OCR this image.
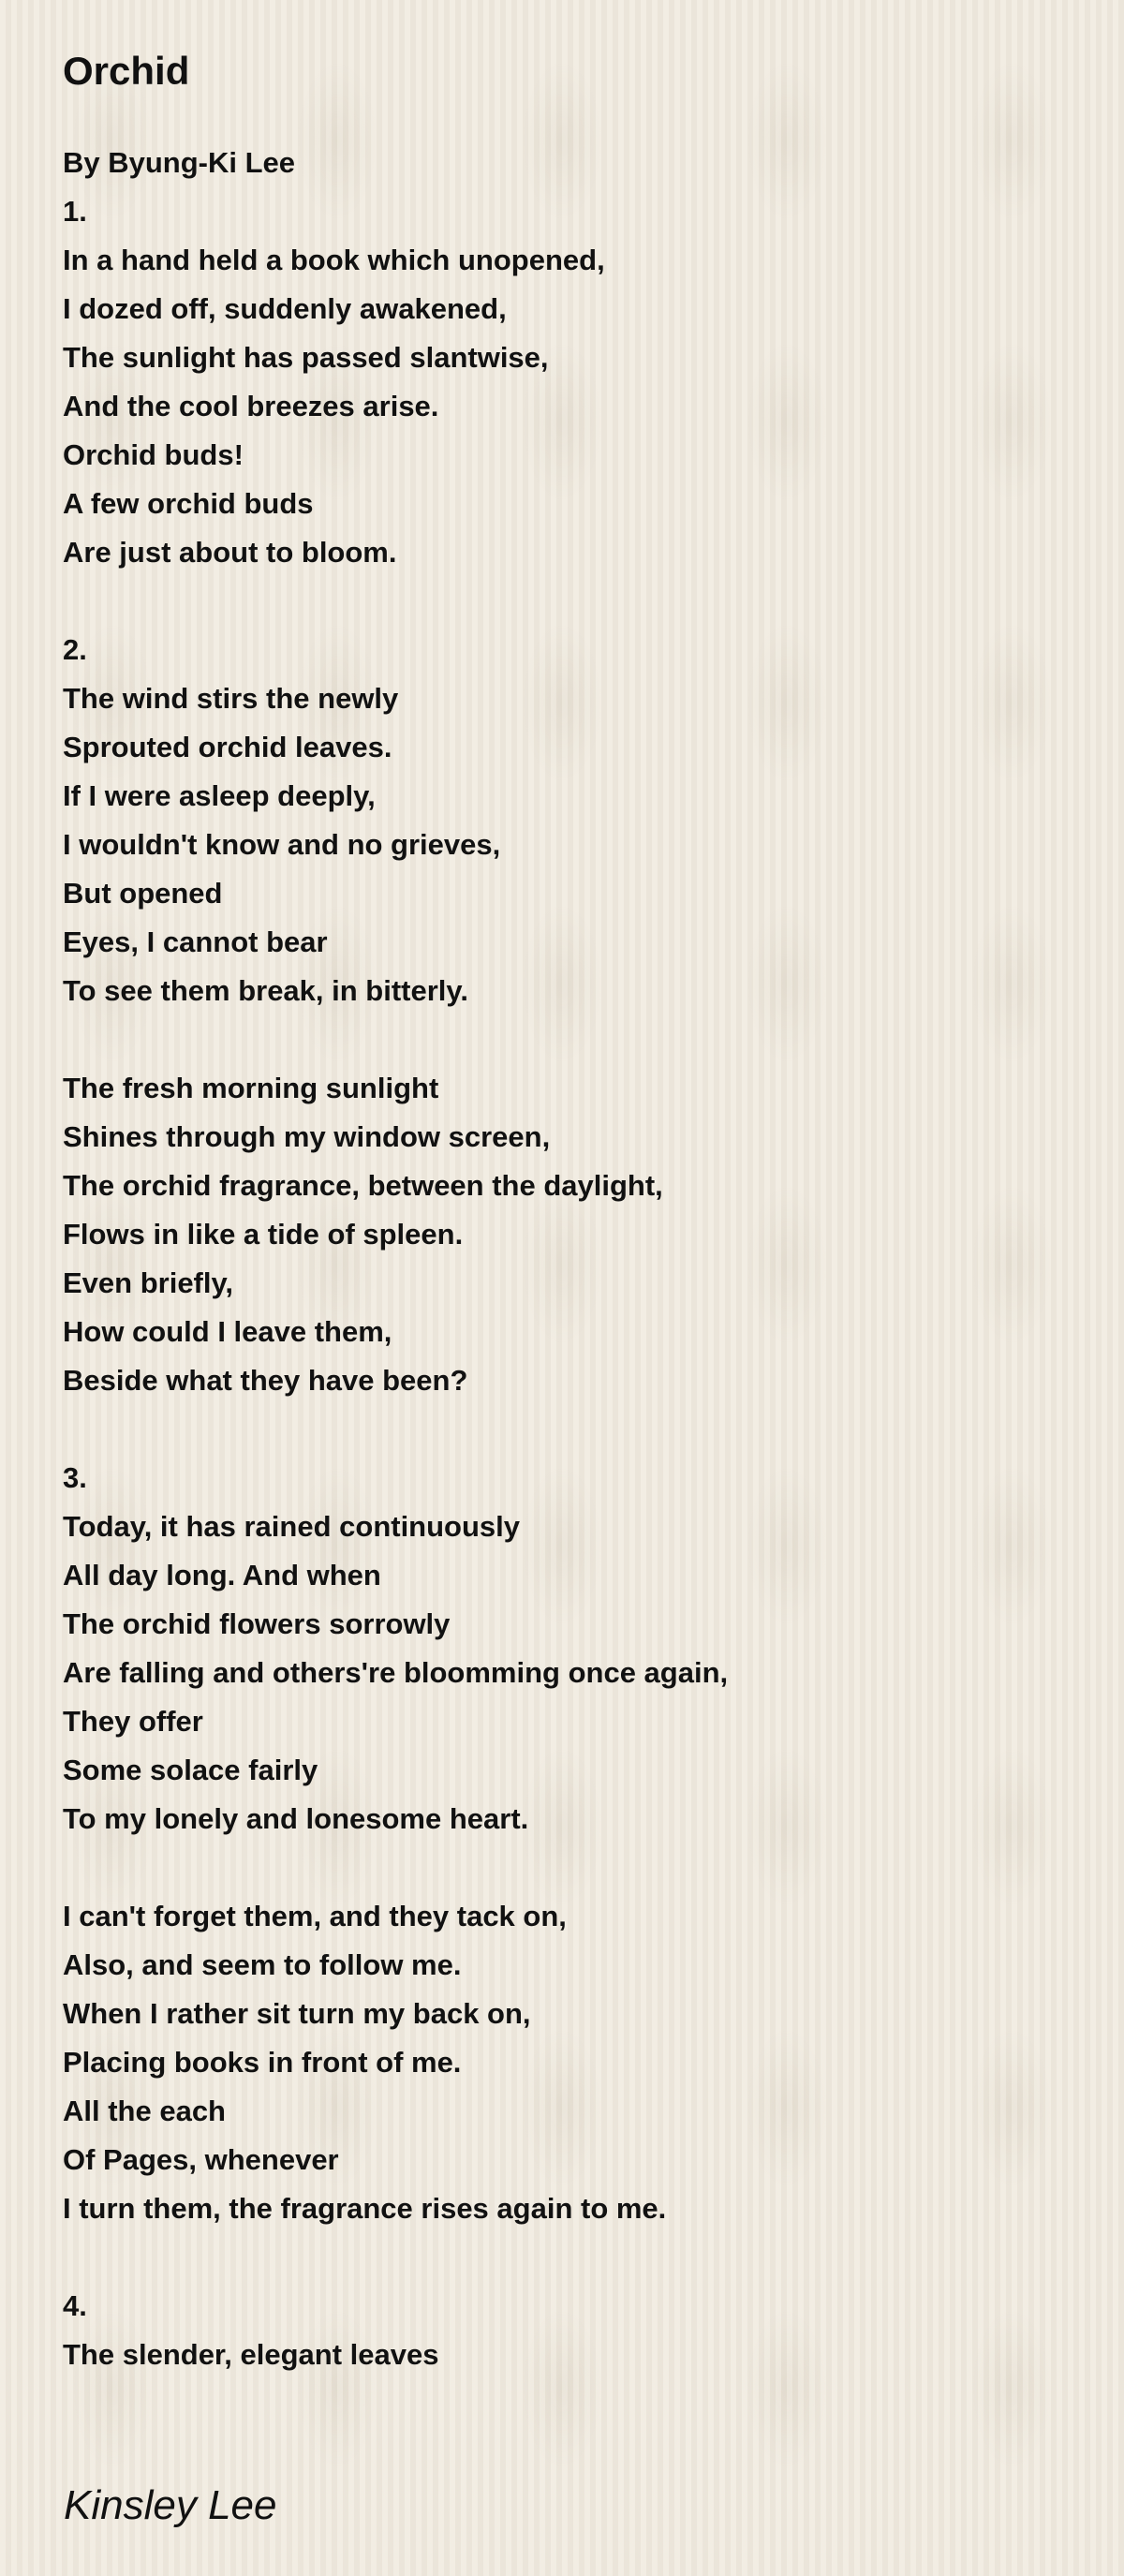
Orchid
By Byung-Ki Lee
1.
In a hand held a book which unopened,
I dozed off, suddenly awakened,
The sunlight has passed slantwise,
And the cool breezes arise.
Orchid buds!
A few orchid buds
Are just about to bloom.
2.
The wind stirs the newly
Sprouted orchid leaves.
If I were asleep deeply,
I wouldn't know and no grieves,
But opened
Eyes, I cannot bear
To see them break, in bitterly.
The fresh morning sunlight
Shines through my window screen,
The orchid fragrance, between the daylight,
Flows in like a tide of spleen.
Even briefly,
How could I leave them,
Beside what they have been?
3.
Today, it has rained continuously
All day long. And when
The orchid flowers sorrowly
Are falling and others're bloomming once again,
They offer
Some solace fairly
To my lonely and lonesome heart.
I can't forget them, and they tack on,
Also, and seem to follow me.
When I rather sit turn my back on,
Placing books in front of me.
All the each
Of Pages, whenever
I turn them, the fragrance rises again to me.
4.
The slender, elegant leaves
Kinsley Lee
